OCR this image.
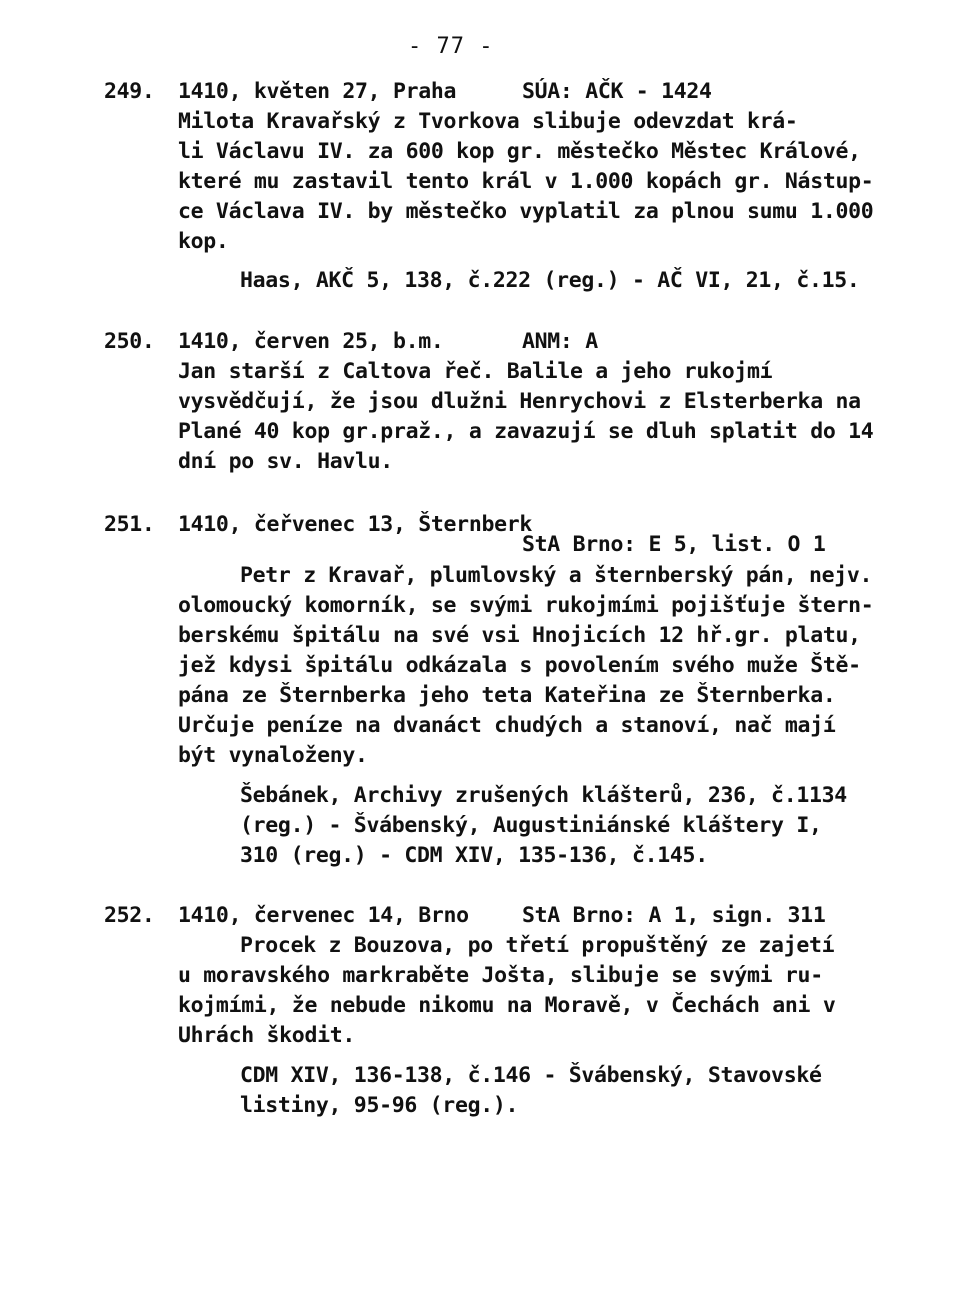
- 77 -
249. 1410, květen 27, Praha	SÚA: AČK - 1424
Milota Kravařský z Tvorkova slibuje odevzdat krá-
li Václavu IV. za 600 kop gr. městečko Městec Králové,
které mu zastavil tento král v 1.000 kopách gr. Nástup-
ce Václava IV. by městečko vyplatil za plnou sumu 1.000
kop.
Haas, AKČ 5, 138, č.222 (reg.) - AČ VI, 21, č.15.
250. 1410, červen 25, b.m.	ANM: A
Jan starší z Caltova řeč. Balile a jeho rukojmí
vysvědčují, že jsou dlužni Henrychovi z Elsterberka na
Plané 40 kop gr.praž., a zavazují se dluh splatit do 14
dní po sv. Havlu.
251. 1410, čeřvenec 13, Šternberk
StA Brno: E 5, list. O 1
Petr z Kravař, plumlovský a šternberský pán, nejv.
olomoucký komorník, se svými rukojmími pojišťuje štern-
berskému špitálu na své vsi Hnojicích 12 hř.gr. platu,
jež kdysi špitálu odkázala s povolením svého muže Ště-
pána ze Šternberka jeho teta Kateřina ze Šternberka.
Určuje peníze na dvanáct chudých a stanoví, nač mají
být vynaloženy.
Šebánek, Archivy zrušených klášterů, 236, č.1134
(reg.) - Švábenský, Augustiniánské kláštery I,
310 (reg.) - CDM XIV, 135-136, č.145.
252. 1410, červenec 14, Brno StA Brno: A 1, sign. 311
Procek z Bouzova, po třetí propuštěný ze zajetí
u moravského markraběte Jošta, slibuje se svými ru-
kojmími, že nebude nikomu na Moravě, v Čechách ani v
Uhrách škodit.
CDM XIV, 136-138, č.146 - Švábenský, Stavovské
listiny, 95-96 (reg.).
